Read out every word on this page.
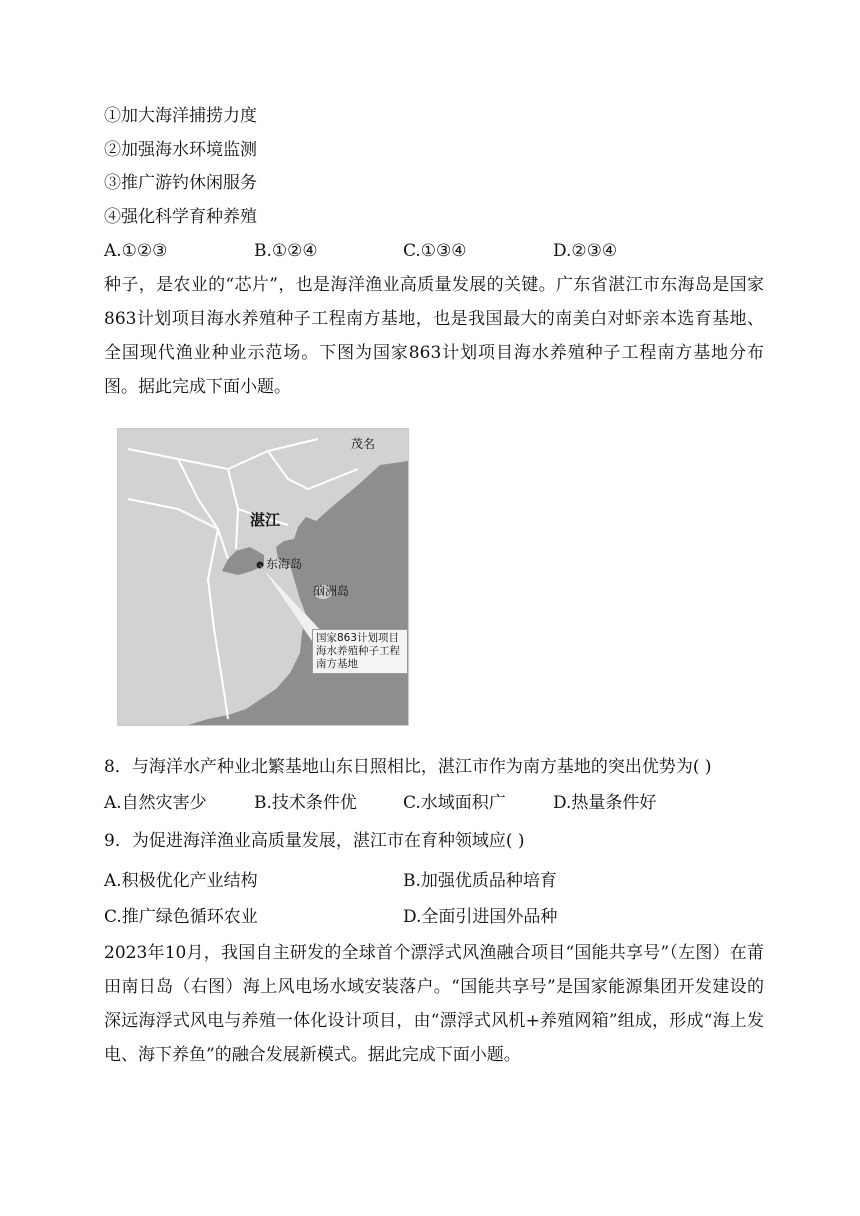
①加大海洋捕捞力度
②加强海水环境监测
③推广游钓休闲服务
④强化科学育种养殖
A.①②③	B.①②④	C.①③④	D.②③④
种子，是农业的“芯片”，也是海洋渔业高质量发展的关键。广东省湛江市东海岛是国家863计划项目海水养殖种子工程南方基地，也是我国最大的南美白对虾亲本选育基地、全国现代渔业种业示范场。下图为国家863计划项目海水养殖种子工程南方基地分布图。据此完成下面小题。
湛江
茂名
东海岛
硇洲岛
国家863计划项目海水养殖种子工程南方基地
8．与海洋水产种业北繁基地山东日照相比，湛江市作为南方基地的突出优势为( )
A.自然灾害少	B.技术条件优	C.水域面积广	D.热量条件好
9．为促进海洋渔业高质量发展，湛江市在育种领域应( )
A.积极优化产业结构	B.加强优质品种培育
C.推广绿色循环农业	D.全面引进国外品种
2023年10月，我国自主研发的全球首个漂浮式风渔融合项目“国能共享号”（左图）在莆田南日岛（右图）海上风电场水域安装落户。“国能共享号”是国家能源集团开发建设的深远海浮式风电与养殖一体化设计项目，由“漂浮式风机+养殖网箱”组成，形成“海上发电、海下养鱼”的融合发展新模式。据此完成下面小题。
